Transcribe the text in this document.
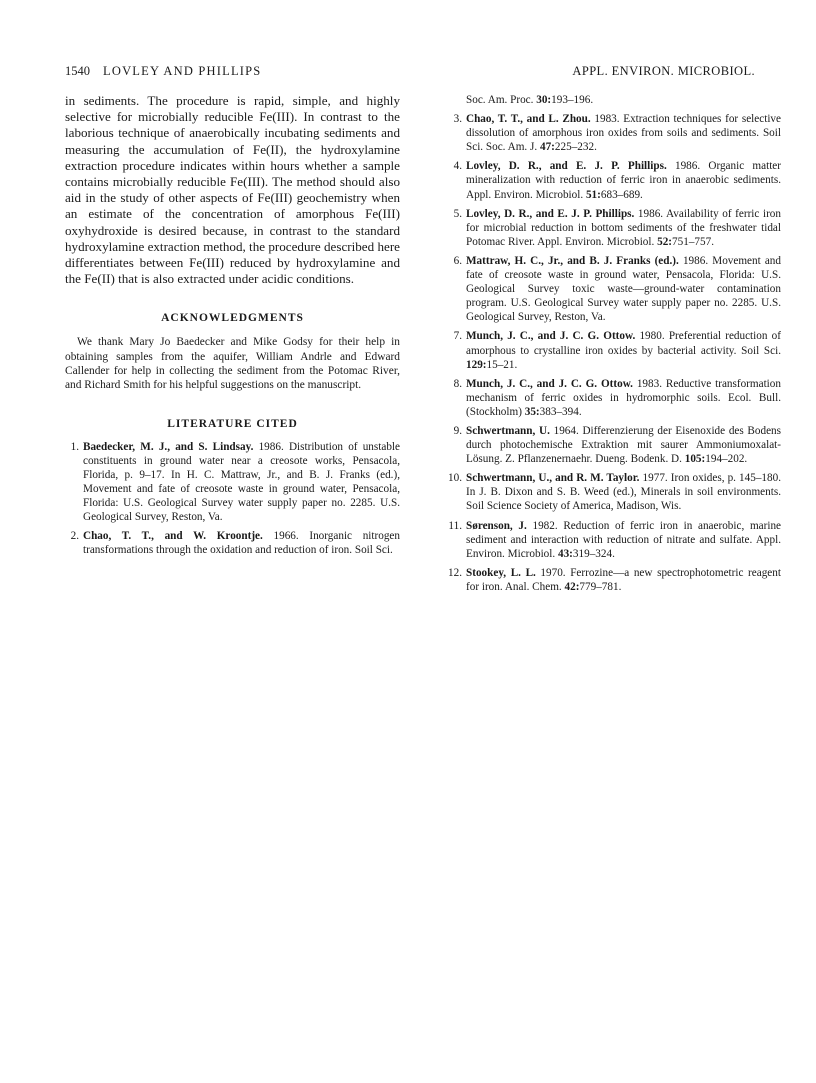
1540 LOVLEY AND PHILLIPS	APPL. ENVIRON. MICROBIOL.

in sediments. The procedure is rapid, simple, and highly selective for microbially reducible Fe(III). In contrast to the laborious technique of anaerobically incubating sediments and measuring the accumulation of Fe(II), the hydroxylamine extraction procedure indicates within hours whether a sample contains microbially reducible Fe(III). The method should also aid in the study of other aspects of Fe(III) geochemistry when an estimate of the concentration of amorphous Fe(III) oxyhydroxide is desired because, in contrast to the standard hydroxylamine extraction method, the procedure described here differentiates between Fe(III) reduced by hydroxylamine and the Fe(II) that is also extracted under acidic conditions.

ACKNOWLEDGMENTS

We thank Mary Jo Baedecker and Mike Godsy for their help in obtaining samples from the aquifer, William Andrle and Edward Callender for help in collecting the sediment from the Potomac River, and Richard Smith for his helpful suggestions on the manuscript.

LITERATURE CITED
1. Baedecker, M. J., and S. Lindsay. 1986. Distribution of unstable constituents in ground water near a creosote works, Pensacola, Florida, p. 9–17. In H. C. Mattraw, Jr., and B. J. Franks (ed.), Movement and fate of creosote waste in ground water, Pensacola, Florida: U.S. Geological Survey water supply paper no. 2285. U.S. Geological Survey, Reston, Va.
2. Chao, T. T., and W. Kroontje. 1966. Inorganic nitrogen transformations through the oxidation and reduction of iron. Soil Sci.

Soc. Am. Proc. 30:193–196.

3. Chao, T. T., and L. Zhou. 1983. Extraction techniques for selective dissolution of amorphous iron oxides from soils and sediments. Soil Sci. Soc. Am. J. 47:225–232.
4. Lovley, D. R., and E. J. P. Phillips. 1986. Organic matter mineralization with reduction of ferric iron in anaerobic sediments. Appl. Environ. Microbiol. 51:683–689.
5. Lovley, D. R., and E. J. P. Phillips. 1986. Availability of ferric iron for microbial reduction in bottom sediments of the freshwater tidal Potomac River. Appl. Environ. Microbiol. 52:751–757.
6. Mattraw, H. C., Jr., and B. J. Franks (ed.). 1986. Movement and fate of creosote waste in ground water, Pensacola, Florida: U.S. Geological Survey toxic waste—ground-water contamination program. U.S. Geological Survey water supply paper no. 2285. U.S. Geological Survey, Reston, Va.
7. Munch, J. C., and J. C. G. Ottow. 1980. Preferential reduction of amorphous to crystalline iron oxides by bacterial activity. Soil Sci. 129:15–21.
8. Munch, J. C., and J. C. G. Ottow. 1983. Reductive transformation mechanism of ferric oxides in hydromorphic soils. Ecol. Bull. (Stockholm) 35:383–394.
9. Schwertmann, U. 1964. Differenzierung der Eisenoxide des Bodens durch photochemische Extraktion mit saurer Ammoniumoxalat-Lösung. Z. Pflanzenernaehr. Dueng. Bodenk. D. 105:194–202.
10. Schwertmann, U., and R. M. Taylor. 1977. Iron oxides, p. 145–180. In J. B. Dixon and S. B. Weed (ed.), Minerals in soil environments. Soil Science Society of America, Madison, Wis.
11. Sørenson, J. 1982. Reduction of ferric iron in anaerobic, marine sediment and interaction with reduction of nitrate and sulfate. Appl. Environ. Microbiol. 43:319–324.
12. Stookey, L. L. 1970. Ferrozine—a new spectrophotometric reagent for iron. Anal. Chem. 42:779–781.
